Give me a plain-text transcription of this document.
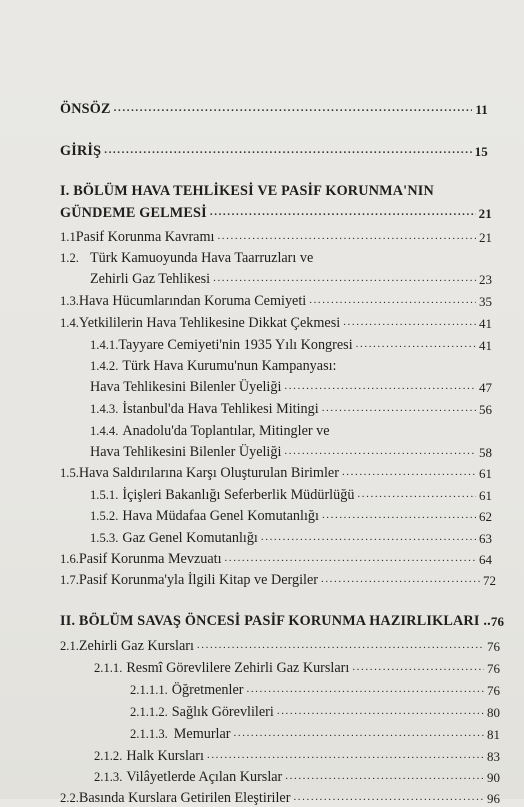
ÖNSÖZ .....	11
GİRİŞ .....	15
I. BÖLÜM HAVA TEHLİKESİ VE PASİF KORUNMA'NIN
GÜNDEME GELMESİ .....	21
1.1 Pasif Korunma Kavramı .....	21
1.2. Türk Kamuoyunda Hava Taarruzları ve
Zehirli Gaz Tehlikesi .....	23
1.3. Hava Hücumlarından Koruma Cemiyeti .....	35
1.4. Yetkililerin Hava Tehlikesine Dikkat Çekmesi .....	41
1.4.1. Tayyare Cemiyeti'nin 1935 Yılı Kongresi .....	41
1.4.2. Türk Hava Kurumu'nun Kampanyası:
Hava Tehlikesini Bilenler Üyeliği .....	47
1.4.3. İstanbul'da Hava Tehlikesi Mitingi .....	56
1.4.4. Anadolu'da Toplantılar, Mitingler ve
Hava Tehlikesini Bilenler Üyeliği .....	58
1.5. Hava Saldırılarına Karşı Oluşturulan Birimler .....	61
1.5.1. İçişleri Bakanlığı Seferberlik Müdürlüğü .....	61
1.5.2. Hava Müdafaa Genel Komutanlığı .....	62
1.5.3. Gaz Genel Komutanlığı .....	63
1.6. Pasif Korunma Mevzuatı .....	64
1.7. Pasif Korunma'yla İlgili Kitap ve Dergiler .....	72
II. BÖLÜM SAVAŞ ÖNCESİ PASİF KORUNMA HAZIRLIKLARI .. 76
2.1. Zehirli Gaz Kursları .....	76
2.1.1. Resmî Görevlilere Zehirli Gaz Kursları .....	76
2.1.1.1. Öğretmenler .....	76
2.1.1.2. Sağlık Görevlileri .....	80
2.1.1.3. Memurlar .....	81
2.1.2. Halk Kursları .....	83
2.1.3. Vilâyetlerde Açılan Kurslar .....	90
2.2. Basında Kurslara Getirilen Eleştiriler .....	96
